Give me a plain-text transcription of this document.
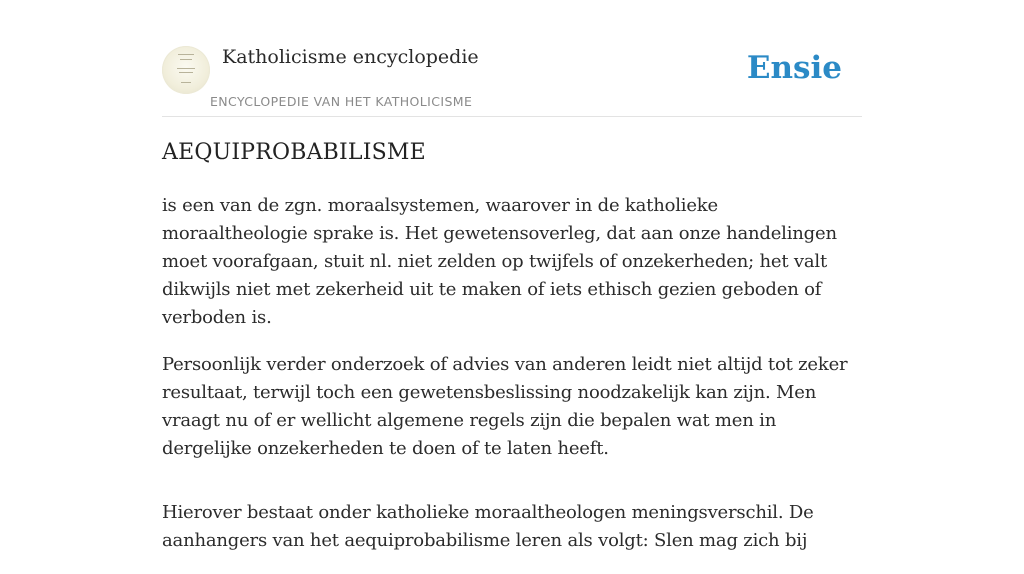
Katholicisme encyclopedie
ENCYCLOPEDIE VAN HET KATHOLICISME
Ensie
AEQUIPROBABILISME

is een van de zgn. moraalsystemen, waarover in de katholieke moraaltheologie sprake is. Het gewetensoverleg, dat aan onze handelingen moet voorafgaan, stuit nl. niet zelden op twijfels of onzekerheden; het valt dikwijls niet met zekerheid uit te maken of iets ethisch gezien geboden of verboden is.

Persoonlijk verder onderzoek of advies van anderen leidt niet altijd tot zeker resultaat, terwijl toch een gewetensbeslissing noodzakelijk kan zijn. Men vraagt nu of er wellicht algemene regels zijn die bepalen wat men in dergelijke onzekerheden te doen of te laten heeft.

Hierover bestaat onder katholieke moraaltheologen meningsverschil. De aanhangers van het aequiprobabilisme leren als volgt: Slen mag zich bij
